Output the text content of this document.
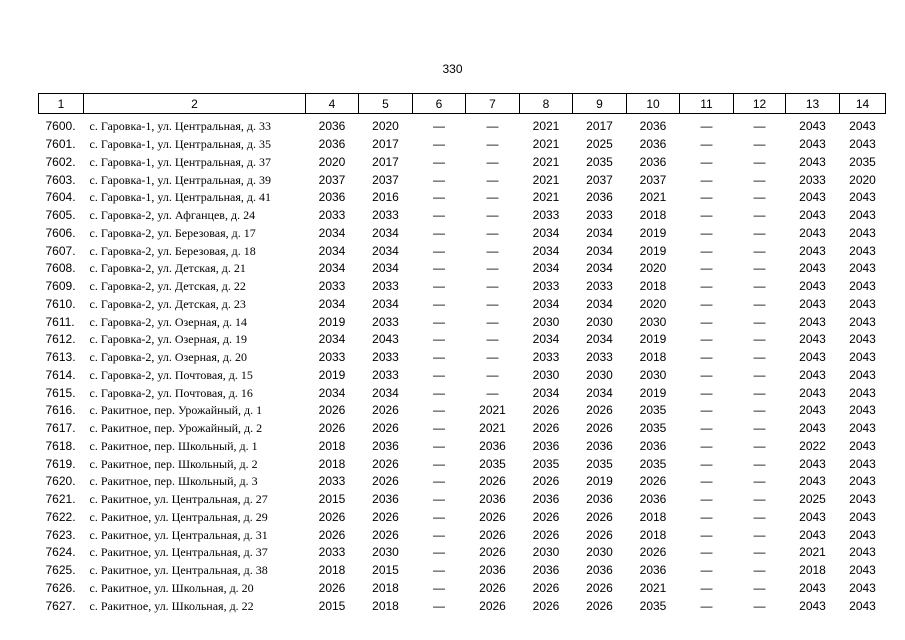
330
1	2	4	5	6	7	8	9	10	11	12	13	14
7600.	с. Гаровка-1, ул. Центральная, д. 33	2036	2020	—	—	2021	2017	2036	—	—	2043	2043
7601.	с. Гаровка-1, ул. Центральная, д. 35	2036	2017	—	—	2021	2025	2036	—	—	2043	2043
7602.	с. Гаровка-1, ул. Центральная, д. 37	2020	2017	—	—	2021	2035	2036	—	—	2043	2035
7603.	с. Гаровка-1, ул. Центральная, д. 39	2037	2037	—	—	2021	2037	2037	—	—	2033	2020
7604.	с. Гаровка-1, ул. Центральная, д. 41	2036	2016	—	—	2021	2036	2021	—	—	2043	2043
7605.	с. Гаровка-2, ул. Афганцев, д. 24	2033	2033	—	—	2033	2033	2018	—	—	2043	2043
7606.	с. Гаровка-2, ул. Березовая, д. 17	2034	2034	—	—	2034	2034	2019	—	—	2043	2043
7607.	с. Гаровка-2, ул. Березовая, д. 18	2034	2034	—	—	2034	2034	2019	—	—	2043	2043
7608.	с. Гаровка-2, ул. Детская, д. 21	2034	2034	—	—	2034	2034	2020	—	—	2043	2043
7609.	с. Гаровка-2, ул. Детская, д. 22	2033	2033	—	—	2033	2033	2018	—	—	2043	2043
7610.	с. Гаровка-2, ул. Детская, д. 23	2034	2034	—	—	2034	2034	2020	—	—	2043	2043
7611.	с. Гаровка-2, ул. Озерная, д. 14	2019	2033	—	—	2030	2030	2030	—	—	2043	2043
7612.	с. Гаровка-2, ул. Озерная, д. 19	2034	2043	—	—	2034	2034	2019	—	—	2043	2043
7613.	с. Гаровка-2, ул. Озерная, д. 20	2033	2033	—	—	2033	2033	2018	—	—	2043	2043
7614.	с. Гаровка-2, ул. Почтовая, д. 15	2019	2033	—	—	2030	2030	2030	—	—	2043	2043
7615.	с. Гаровка-2, ул. Почтовая, д. 16	2034	2034	—	—	2034	2034	2019	—	—	2043	2043
7616.	с. Ракитное, пер. Урожайный, д. 1	2026	2026	—	2021	2026	2026	2035	—	—	2043	2043
7617.	с. Ракитное, пер. Урожайный, д. 2	2026	2026	—	2021	2026	2026	2035	—	—	2043	2043
7618.	с. Ракитное, пер. Школьный, д. 1	2018	2036	—	2036	2036	2036	2036	—	—	2022	2043
7619.	с. Ракитное, пер. Школьный, д. 2	2018	2026	—	2035	2035	2035	2035	—	—	2043	2043
7620.	с. Ракитное, пер. Школьный, д. 3	2033	2026	—	2026	2026	2019	2026	—	—	2043	2043
7621.	с. Ракитное, ул. Центральная, д. 27	2015	2036	—	2036	2036	2036	2036	—	—	2025	2043
7622.	с. Ракитное, ул. Центральная, д. 29	2026	2026	—	2026	2026	2026	2018	—	—	2043	2043
7623.	с. Ракитное, ул. Центральная, д. 31	2026	2026	—	2026	2026	2026	2018	—	—	2043	2043
7624.	с. Ракитное, ул. Центральная, д. 37	2033	2030	—	2026	2030	2030	2026	—	—	2021	2043
7625.	с. Ракитное, ул. Центральная, д. 38	2018	2015	—	2036	2036	2036	2036	—	—	2018	2043
7626.	с. Ракитное, ул. Школьная, д. 20	2026	2018	—	2026	2026	2026	2021	—	—	2043	2043
7627.	с. Ракитное, ул. Школьная, д. 22	2015	2018	—	2026	2026	2026	2035	—	—	2043	2043
